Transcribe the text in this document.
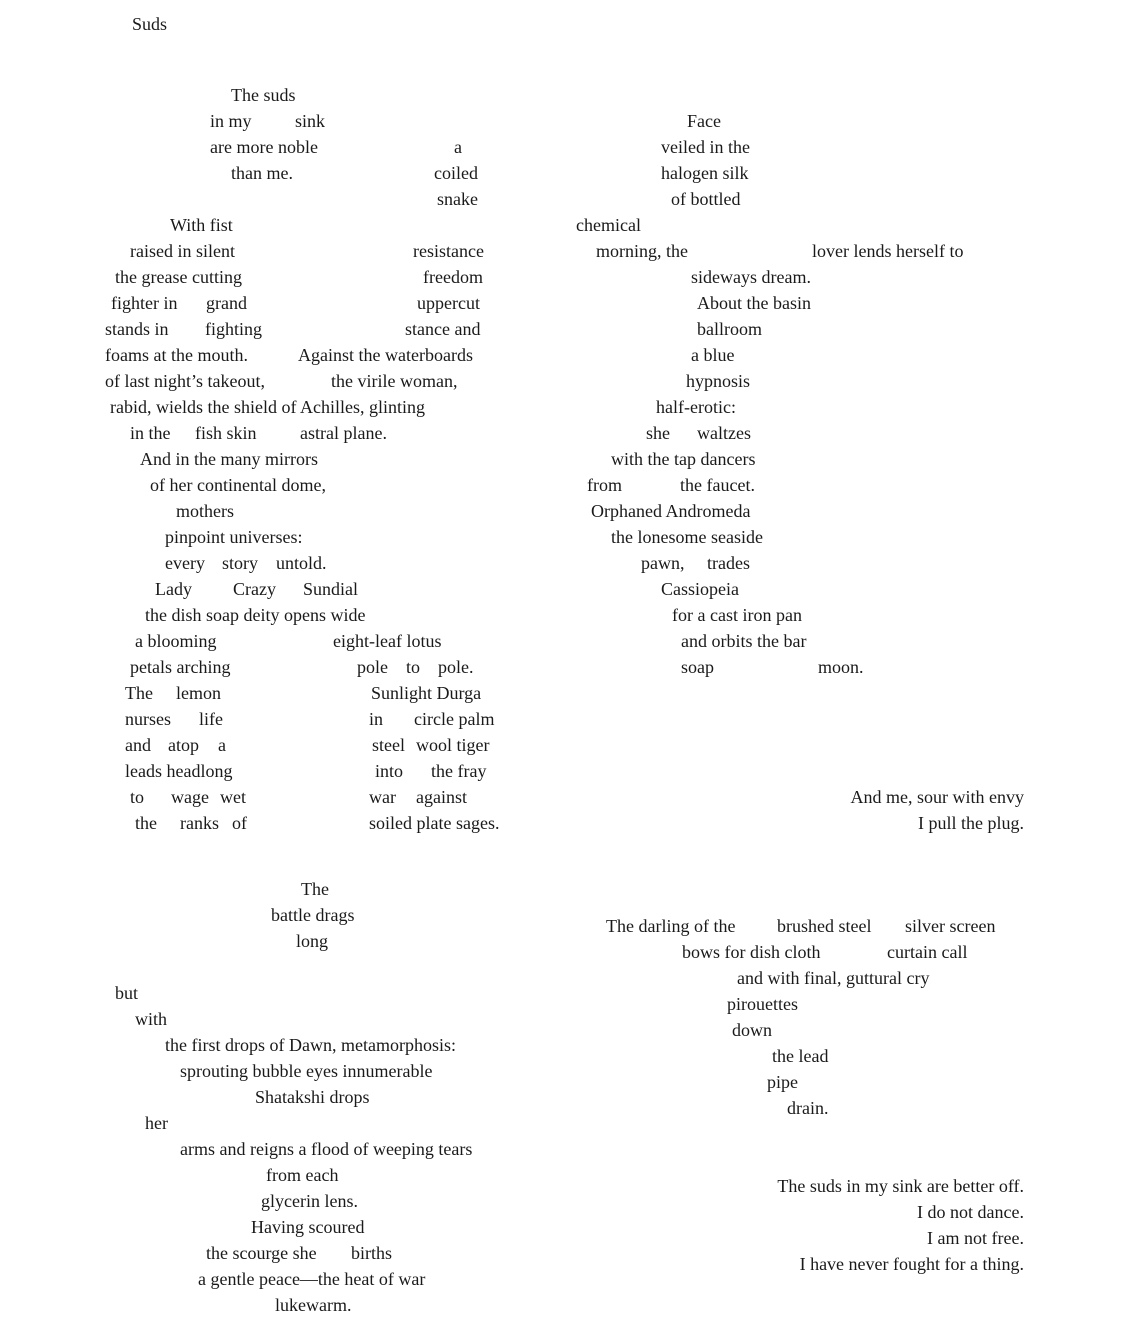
Suds
The suds
in my sink
are more noble
than me.
a
coiled
snake
With fist
raised in silent	resistance
the grease cutting	freedom
fighter in grand	uppercut
stands in fighting	stance and
foams at the mouth.	Against the waterboards
of last night’s takeout,	the virile woman,
rabid, wields the shield of Achilles, glinting
in the fish skin astral plane.
And in the many mirrors
of her continental dome,
mothers
pinpoint universes:
every story untold.
Lady Crazy Sundial
the dish soap deity opens wide
a blooming	eight-leaf lotus
petals arching	pole to pole.
The lemon	Sunlight Durga
nurses life	in circle palm
and atop a	steel wool tiger
leads headlong	into the fray
to wage wet	war against
the ranks of	soiled plate sages.
Face
veiled in the
halogen silk
of bottled
chemical
morning, the	lover lends herself to
sideways dream.
About the basin
ballroom
a blue
hypnosis
half-erotic:
she waltzes
with the tap dancers
from	the faucet.
Orphaned Andromeda
the lonesome seaside
pawn, trades
Cassiopeia
for a cast iron pan
and orbits the bar
soap	moon.
And me, sour with envy
I pull the plug.
The
battle drags
long
but
with
the first drops of Dawn, metamorphosis:
sprouting bubble eyes innumerable
Shatakshi drops
her
arms and reigns a flood of weeping tears
from each
glycerin lens.
Having scoured
the scourge she births
a gentle peace—the heat of war
lukewarm.
The darling of the brushed steel silver screen
bows for dish cloth	curtain call
and with final, guttural cry
pirouettes
down
the lead
pipe
drain.
The suds in my sink are better off.
I do not dance.
I am not free.
I have never fought for a thing.
